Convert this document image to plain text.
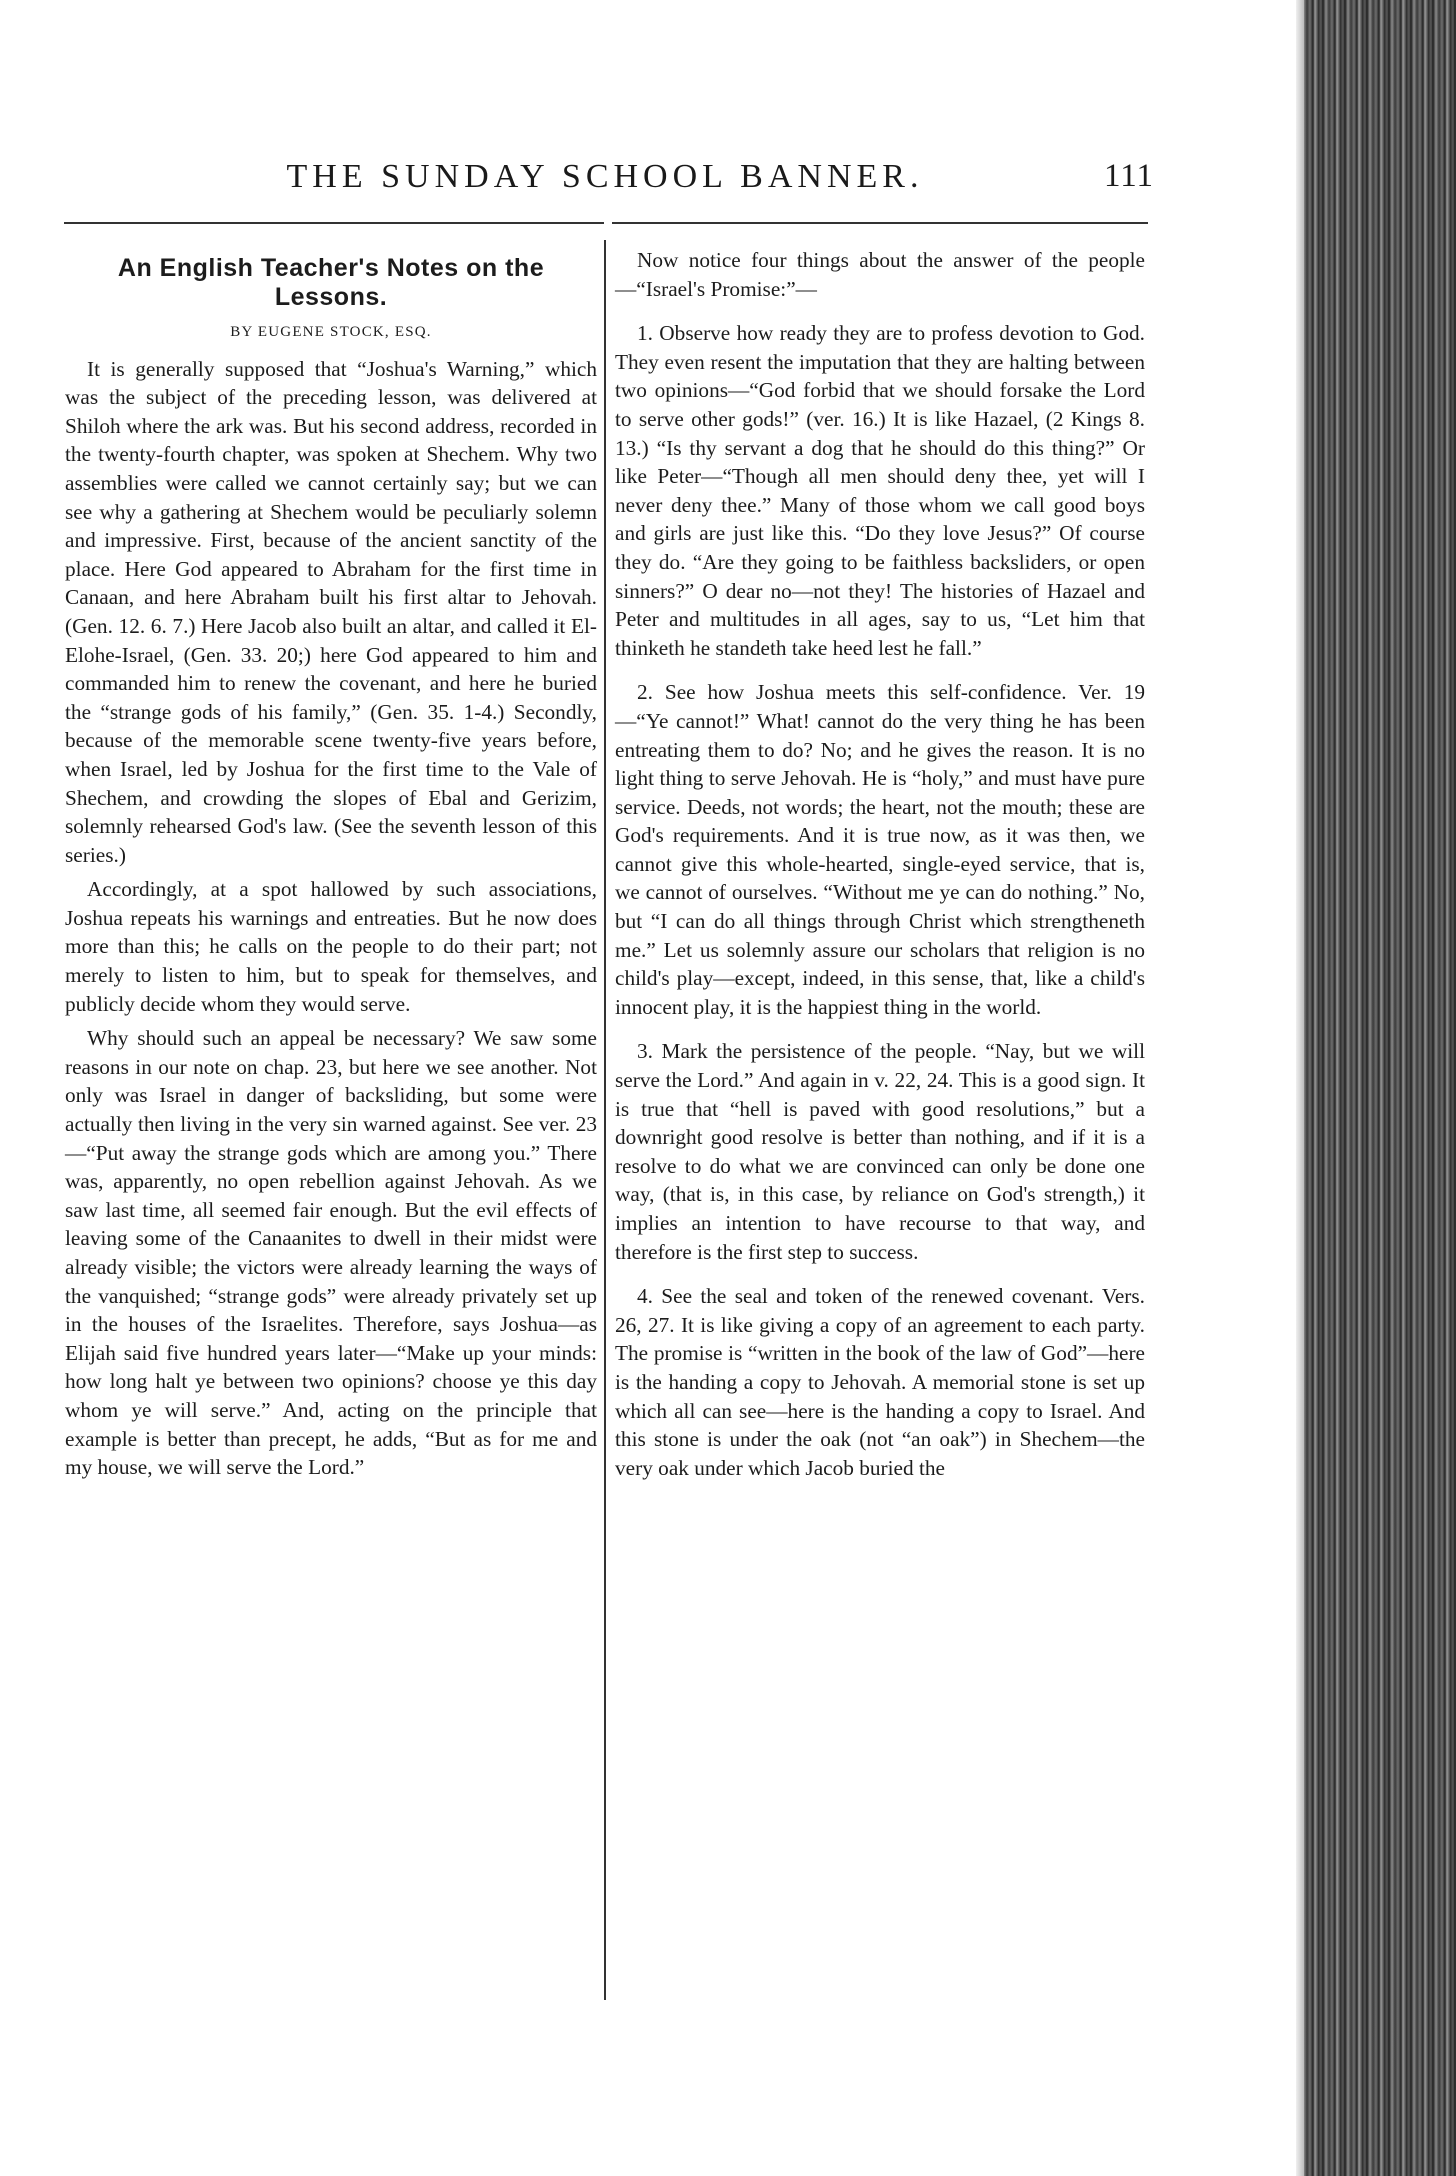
THE SUNDAY SCHOOL BANNER.	111
An English Teacher's Notes on the Lessons.
BY EUGENE STOCK, ESQ.

It is generally supposed that “Joshua's Warning,” which was the subject of the preceding lesson, was delivered at Shiloh where the ark was. But his second address, recorded in the twenty-fourth chapter, was spoken at Shechem. Why two assemblies were called we cannot certainly say; but we can see why a gathering at Shechem would be peculiarly solemn and impressive. First, because of the ancient sanctity of the place. Here God appeared to Abraham for the first time in Canaan, and here Abraham built his first altar to Jehovah. (Gen. 12. 6. 7.) Here Jacob also built an altar, and called it El-Elohe-Israel, (Gen. 33. 20;) here God appeared to him and commanded him to renew the covenant, and here he buried the “strange gods of his family,” (Gen. 35. 1-4.) Secondly, because of the memorable scene twenty-five years before, when Israel, led by Joshua for the first time to the Vale of Shechem, and crowding the slopes of Ebal and Gerizim, solemnly rehearsed God's law. (See the seventh lesson of this series.)

Accordingly, at a spot hallowed by such associations, Joshua repeats his warnings and entreaties. But he now does more than this; he calls on the people to do their part; not merely to listen to him, but to speak for themselves, and publicly decide whom they would serve.

Why should such an appeal be necessary? We saw some reasons in our note on chap. 23, but here we see another. Not only was Israel in danger of backsliding, but some were actually then living in the very sin warned against. See ver. 23—“Put away the strange gods which are among you.” There was, apparently, no open rebellion against Jehovah. As we saw last time, all seemed fair enough. But the evil effects of leaving some of the Canaanites to dwell in their midst were already visible; the victors were already learning the ways of the vanquished; “strange gods” were already privately set up in the houses of the Israelites. Therefore, says Joshua—as Elijah said five hundred years later—“Make up your minds: how long halt ye between two opinions? choose ye this day whom ye will serve.” And, acting on the principle that example is better than precept, he adds, “But as for me and my house, we will serve the Lord.”

Now notice four things about the answer of the people—“Israel's Promise:”—

1. Observe how ready they are to profess devotion to God. They even resent the imputation that they are halting between two opinions—“God forbid that we should forsake the Lord to serve other gods!” (ver. 16.) It is like Hazael, (2 Kings 8. 13.) “Is thy servant a dog that he should do this thing?” Or like Peter—“Though all men should deny thee, yet will I never deny thee.” Many of those whom we call good boys and girls are just like this. “Do they love Jesus?” Of course they do. “Are they going to be faithless backsliders, or open sinners?” O dear no—not they! The histories of Hazael and Peter and multitudes in all ages, say to us, “Let him that thinketh he standeth take heed lest he fall.”

2. See how Joshua meets this self-confidence. Ver. 19—“Ye cannot!” What! cannot do the very thing he has been entreating them to do? No; and he gives the reason. It is no light thing to serve Jehovah. He is “holy,” and must have pure service. Deeds, not words; the heart, not the mouth; these are God's requirements. And it is true now, as it was then, we cannot give this whole-hearted, single-eyed service, that is, we cannot of ourselves. “Without me ye can do nothing.” No, but “I can do all things through Christ which strengtheneth me.” Let us solemnly assure our scholars that religion is no child's play—except, indeed, in this sense, that, like a child's innocent play, it is the happiest thing in the world.

3. Mark the persistence of the people. “Nay, but we will serve the Lord.” And again in v. 22, 24. This is a good sign. It is true that “hell is paved with good resolutions,” but a downright good resolve is better than nothing, and if it is a resolve to do what we are convinced can only be done one way, (that is, in this case, by reliance on God's strength,) it implies an intention to have recourse to that way, and therefore is the first step to success.

4. See the seal and token of the renewed covenant. Vers. 26, 27. It is like giving a copy of an agreement to each party. The promise is “written in the book of the law of God”—here is the handing a copy to Jehovah. A memorial stone is set up which all can see—here is the handing a copy to Israel. And this stone is under the oak (not “an oak”) in Shechem—the very oak under which Jacob buried the
